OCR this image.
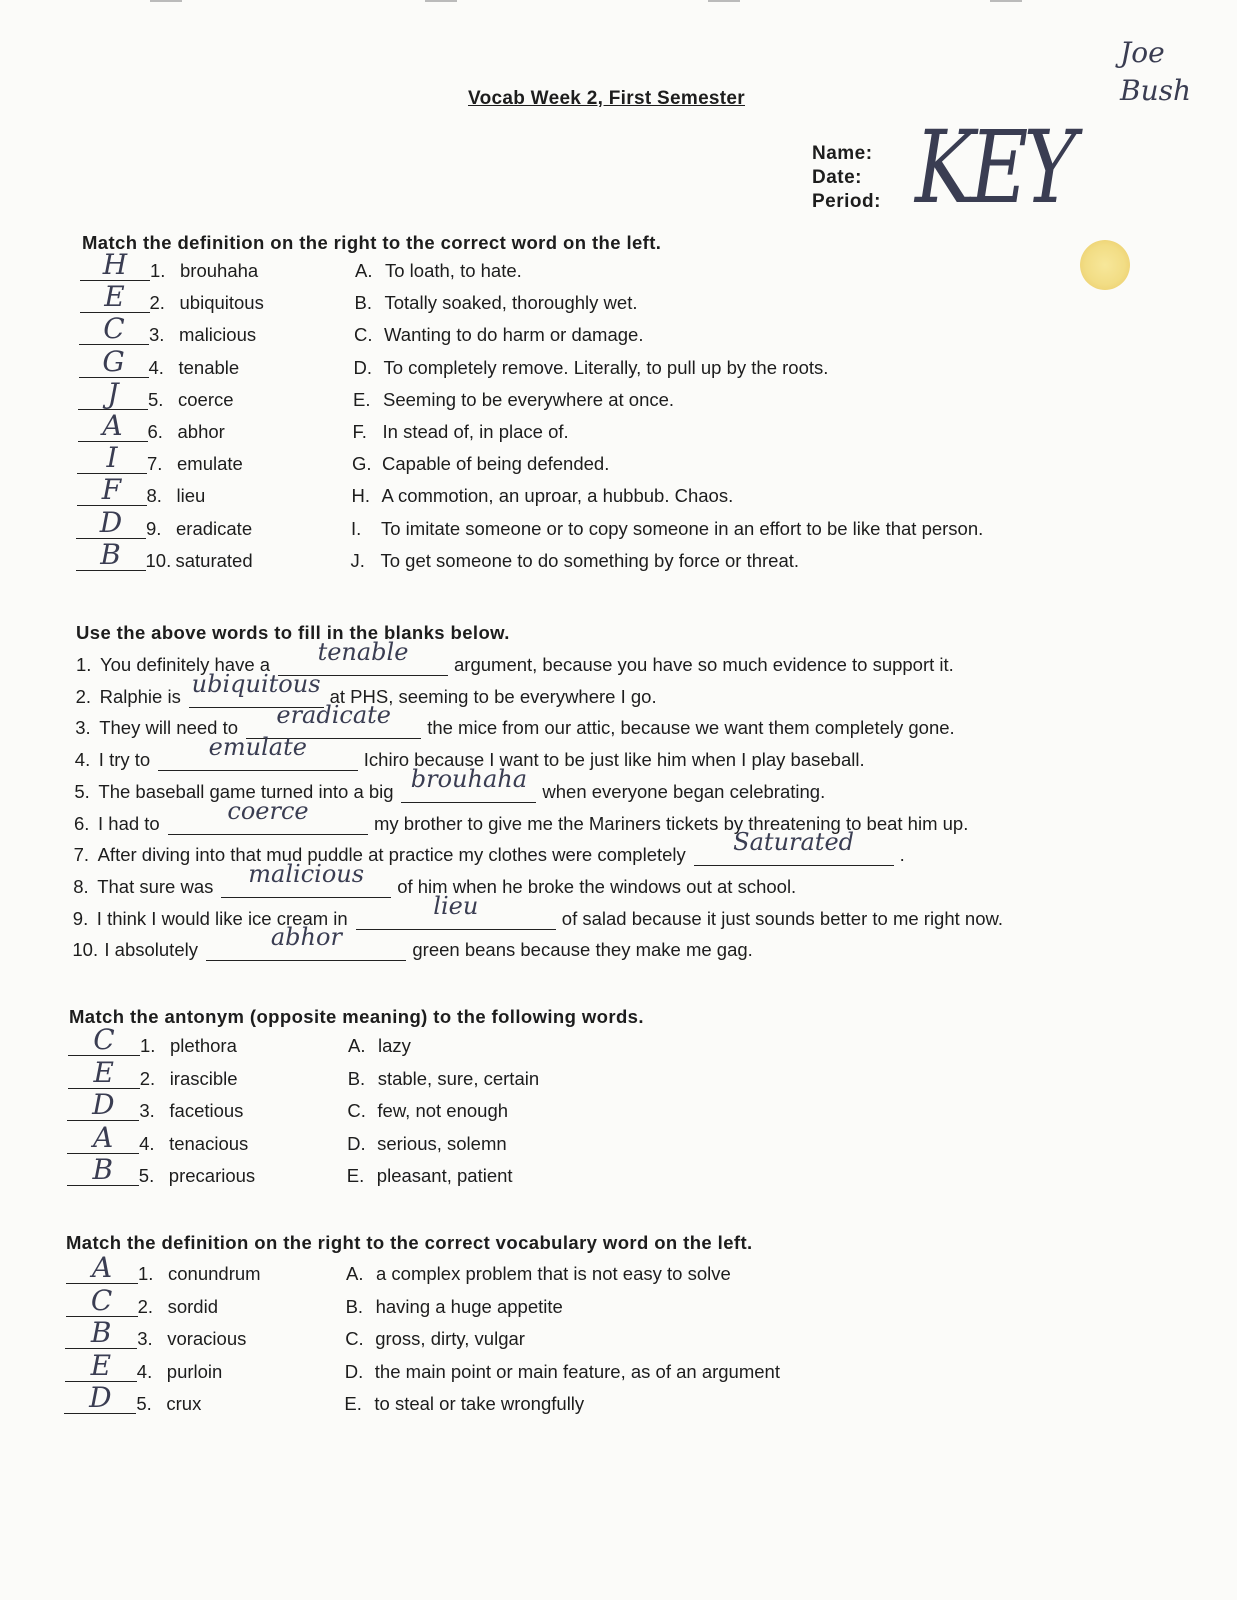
Joe Bush
Vocab Week 2, First Semester
Name:
Date:
Period: KEY
Match the definition on the right to the correct word on the left.
H	1. brouhaha	A. To loath, to hate.
E	2. ubiquitous	B. Totally soaked, thoroughly wet.
C	3. malicious	C. Wanting to do harm or damage.
G	4. tenable	D. To completely remove. Literally, to pull up by the roots.
J	5. coerce	E. Seeming to be everywhere at once.
A	6. abhor	F. In stead of, in place of.
I	7. emulate	G. Capable of being defended.
F	8. lieu	H. A commotion, an uproar, a hubbub. Chaos.
D	9. eradicate	I. To imitate someone or to copy someone in an effort to be like that person.
B	10. saturated	J. To get someone to do something by force or threat.
Use the above words to fill in the blanks below.
1. You definitely have a	tenable	argument, because you have so much evidence to support it.
2. Ralphie is ubiquitous at PHS, seeming to be everywhere I go.
3. They will need to	eradicate	the mice from our attic, because we want them completely gone.
4. I try to	emulate	Ichiro because I want to be just like him when I play baseball.
5. The baseball game turned into a big brouhaha when everyone began celebrating.
6. I had to	coerce	my brother to give me the Mariners tickets by threatening to beat him up.
7. After diving into that mud puddle at practice my clothes were completely	Saturated	.
8. That sure was	malicious	of him when he broke the windows out at school.
9. I think I would like ice cream in	lieu	of salad because it just sounds better to me right now.
10. I absolutely	abhor	green beans because they make me gag.
Match the antonym (opposite meaning) to the following words.
C	1. plethora	A. lazy
E	2. irascible	B. stable, sure, certain
D	3. facetious	C. few, not enough
A	4. tenacious	D. serious, solemn
B	5. precarious	E. pleasant, patient
Match the definition on the right to the correct vocabulary word on the left.
A	1. conundrum	A. a complex problem that is not easy to solve
C	2. sordid	B. having a huge appetite
B	3. voracious	C. gross, dirty, vulgar
E	4. purloin	D. the main point or main feature, as of an argument
D	5. crux	E. to steal or take wrongfully
